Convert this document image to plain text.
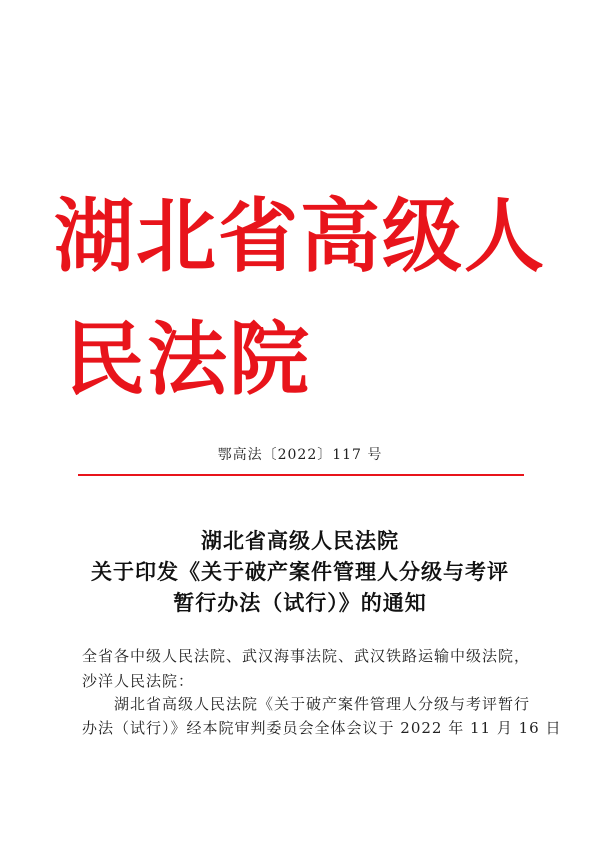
湖北省高级人
民法院
鄂高法〔2022〕117 号
湖北省高级人民法院
关于印发《关于破产案件管理人分级与考评
暂行办法（试行）》的通知
全省各中级人民法院、武汉海事法院、武汉铁路运输中级法院，
沙洋人民法院：
湖北省高级人民法院《关于破产案件管理人分级与考评暂行
办法（试行）》经本院审判委员会全体会议于 2022 年 11 月 16 日
